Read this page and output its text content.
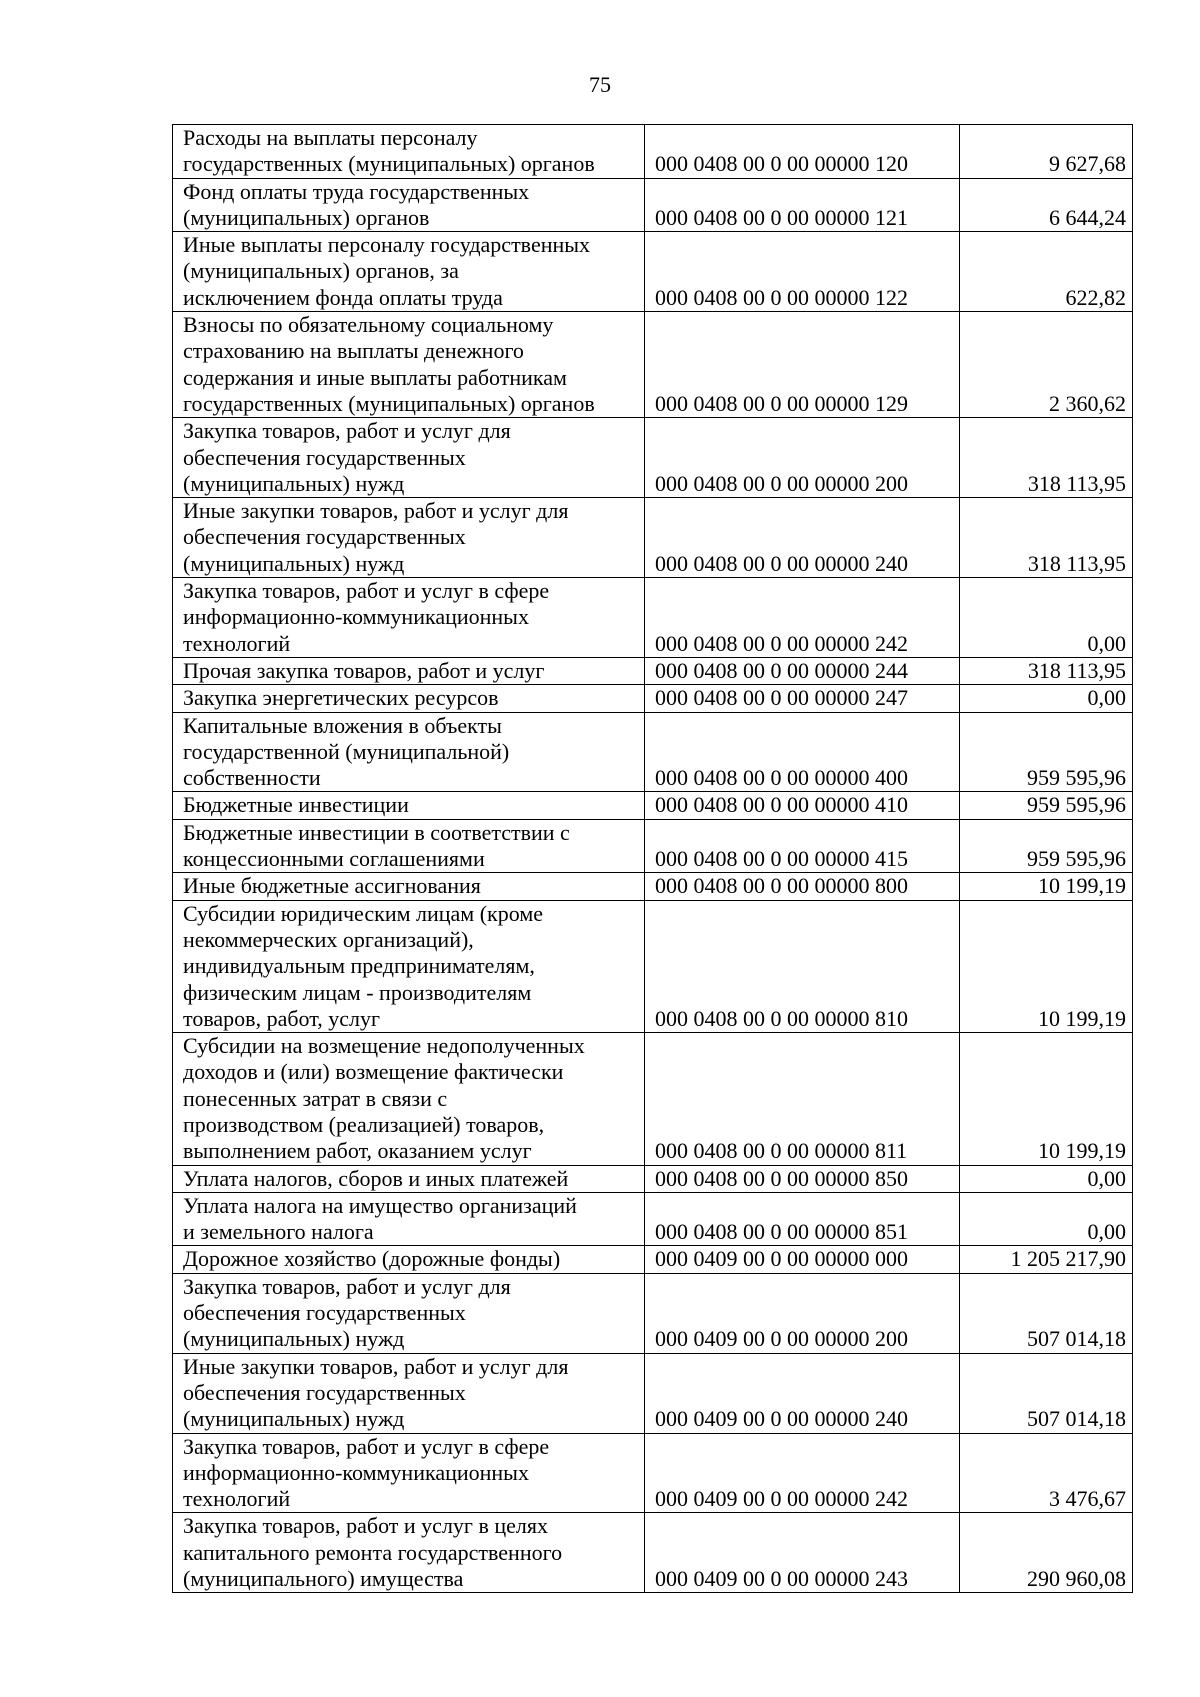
75
Расходы на выплаты персоналу
государственных (муниципальных) органов	000 0408 00 0 00 00000 120	9 627,68
Фонд оплаты труда государственных
(муниципальных) органов	000 0408 00 0 00 00000 121	6 644,24
Иные выплаты персоналу государственных
(муниципальных) органов, за
исключением фонда оплаты труда	000 0408 00 0 00 00000 122	622,82
Взносы по обязательному социальному
страхованию на выплаты денежного
содержания и иные выплаты работникам
государственных (муниципальных) органов	000 0408 00 0 00 00000 129	2 360,62
Закупка товаров, работ и услуг для
обеспечения государственных
(муниципальных) нужд	000 0408 00 0 00 00000 200	318 113,95
Иные закупки товаров, работ и услуг для
обеспечения государственных
(муниципальных) нужд	000 0408 00 0 00 00000 240	318 113,95
Закупка товаров, работ и услуг в сфере
информационно-коммуникационных
технологий	000 0408 00 0 00 00000 242	0,00
Прочая закупка товаров, работ и услуг	000 0408 00 0 00 00000 244	318 113,95
Закупка энергетических ресурсов	000 0408 00 0 00 00000 247	0,00
Капитальные вложения в объекты
государственной (муниципальной)
собственности	000 0408 00 0 00 00000 400	959 595,96
Бюджетные инвестиции	000 0408 00 0 00 00000 410	959 595,96
Бюджетные инвестиции в соответствии с
концессионными соглашениями	000 0408 00 0 00 00000 415	959 595,96
Иные бюджетные ассигнования	000 0408 00 0 00 00000 800	10 199,19
Субсидии юридическим лицам (кроме
некоммерческих организаций),
индивидуальным предпринимателям,
физическим лицам - производителям
товаров, работ, услуг	000 0408 00 0 00 00000 810	10 199,19
Субсидии на возмещение недополученных
доходов и (или) возмещение фактически
понесенных затрат в связи с
производством (реализацией) товаров,
выполнением работ, оказанием услуг	000 0408 00 0 00 00000 811	10 199,19
Уплата налогов, сборов и иных платежей	000 0408 00 0 00 00000 850	0,00
Уплата налога на имущество организаций
и земельного налога	000 0408 00 0 00 00000 851	0,00
Дорожное хозяйство (дорожные фонды)	000 0409 00 0 00 00000 000	1 205 217,90
Закупка товаров, работ и услуг для
обеспечения государственных
(муниципальных) нужд	000 0409 00 0 00 00000 200	507 014,18
Иные закупки товаров, работ и услуг для
обеспечения государственных
(муниципальных) нужд	000 0409 00 0 00 00000 240	507 014,18
Закупка товаров, работ и услуг в сфере
информационно-коммуникационных
технологий	000 0409 00 0 00 00000 242	3 476,67
Закупка товаров, работ и услуг в целях
капитального ремонта государственного
(муниципального) имущества	000 0409 00 0 00 00000 243	290 960,08
